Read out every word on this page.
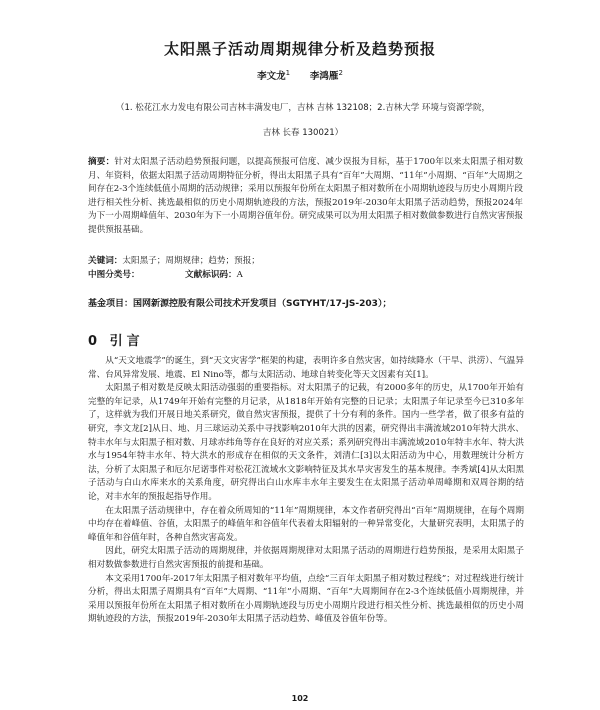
太阳黑子活动周期规律分析及趋势预报
李文龙$^1$ 李鸿雁$^2$
（1. 松花江水力发电有限公司吉林丰满发电厂，吉林 吉林 132108；2.吉林大学 环境与资源学院，
吉林 长春 130021）
摘要：针对太阳黑子活动趋势预报问题，以提高预报可信度、减少误报为目标，基于1700年以来太阳黑子相对数月、年资料，依据太阳黑子活动周期特征分析，得出太阳黑子具有“百年”大周期、“11年”小周期、“百年”大周期之间存在2-3个连续低值小周期的活动规律；采用以预报年份所在太阳黑子相对数所在小周期轨迹段与历史小周期片段进行相关性分析、挑选最相似的历史小周期轨迹段的方法，预报2019年-2030年太阳黑子活动趋势，预报2024年为下一小周期峰值年、2030年为下一小周期谷值年份。研究成果可以为用太阳黑子相对数做参数进行自然灾害预报提供预报基础。
关键词：太阳黑子；周期规律；趋势；预报；
中图分类号：	文献标识码：A
基金项目：国网新源控股有限公司技术开发项目（SGTYHT/17-JS-203）；
0 引言

从“天文地震学”的诞生，到“天文灾害学”框架的构建，表明许多自然灾害，如持续降水（干旱、洪涝）、气温异常、台风异常发展、地震、El Nino等，都与太阳活动、地球自转变化等天文因素有关[1]。

太阳黑子相对数是反映太阳活动强弱的重要指标。对太阳黑子的记载，有2000多年的历史，从1700年开始有完整的年记录，从1749年开始有完整的月记录，从1818年开始有完整的日记录；太阳黑子年记录至今已310多年了，这样就为我们开展日地关系研究，做自然灾害预报，提供了十分有利的条件。国内一些学者，做了很多有益的研究，李文龙[2]从日、地、月三球运动关系中寻找影响2010年大洪的因素，研究得出丰满流域2010年特大洪水、特丰水年与太阳黑子相对数、月球赤纬角等存在良好的对应关系；系列研究得出丰满流域2010年特丰水年、特大洪水与1954年特丰水年、特大洪水的形成存在相似的天文条件，刘清仁[3]以太阳活动为中心，用数理统计分析方法，分析了太阳黑子和厄尔尼诺事件对松花江流域水文影响特征及其水旱灾害发生的基本规律。李秀斌[4]从太阳黑子活动与白山水库来水的关系角度，研究得出白山水库丰水年主要发生在太阳黑子活动单周峰期和双周谷期的结论，对丰水年的预报起指导作用。

在太阳黑子活动规律中，存在着众所周知的“11年”周期规律，本文作者研究得出“百年”周期规律，在每个周期中均存在着峰值、谷值，太阳黑子的峰值年和谷值年代表着太阳辐射的一种异常变化，大量研究表明，太阳黑子的峰值年和谷值年时，各种自然灾害高发。

因此，研究太阳黑子活动的周期规律，并依据周期规律对太阳黑子活动的周期进行趋势预报，是采用太阳黑子相对数做参数进行自然灾害预报的前提和基础。

本文采用1700年-2017年太阳黑子相对数年平均值，点绘“三百年太阳黑子相对数过程线”；对过程线进行统计分析，得出太阳黑子周期具有“百年”大周期、“11年”小周期、“百年”大周期间存在2-3个连续低值小周期规律，并采用以预报年份所在太阳黑子相对数所在小周期轨迹段与历史小周期片段进行相关性分析、挑选最相似的历史小周期轨迹段的方法，预报2019年-2030年太阳黑子活动趋势、峰值及谷值年份等。

102
